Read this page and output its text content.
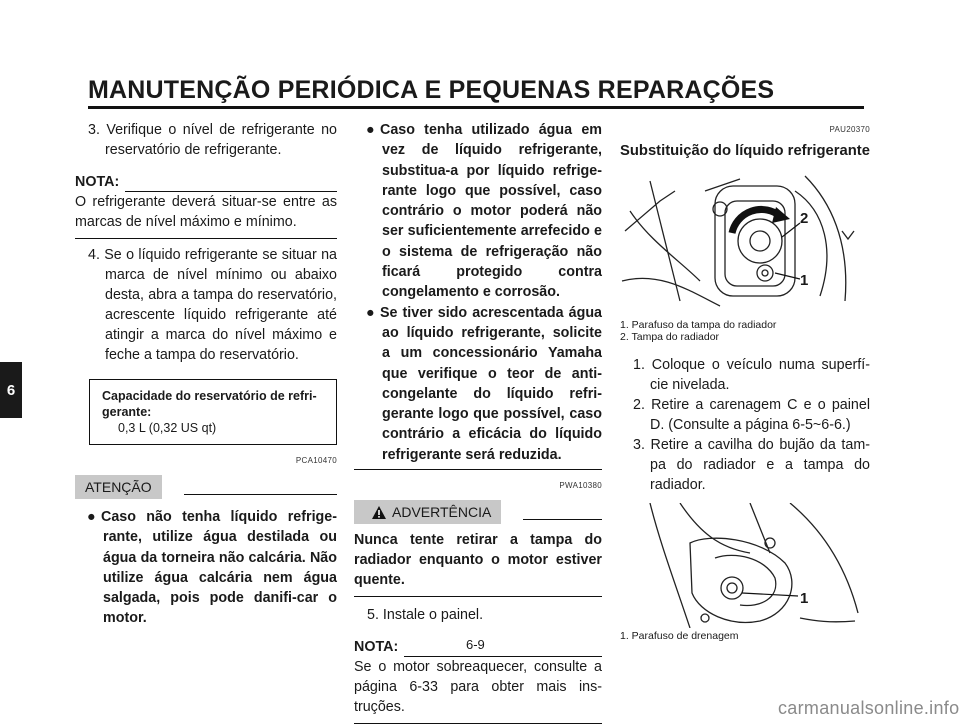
MANUTENÇÃO PERIÓDICA E PEQUENAS REPARAÇÕES
6

3. Verifique o nível de refrigerante no reservatório de refrigerante.

NOTA:

O refrigerante deverá situar-se entre as marcas de nível máximo e mínimo.

4. Se o líquido refrigerante se situar na marca de nível mínimo ou abaixo desta, abra a tampa do reservatório, acrescente líquido refrigerante até atingir a marca do nível máximo e feche a tampa do reservatório.

Capacidade do reservatório de refri-gerante:
0,3 L (0,32 US qt)
PCA10470
ATENÇÃO

● Caso não tenha líquido refrige-rante, utilize água destilada ou água da torneira não calcária. Não utilize água calcária nem água salgada, pois pode danifi-car o motor.

● Caso tenha utilizado água em vez de líquido refrigerante, substitua-a por líquido refrige-rante logo que possível, caso contrário o motor poderá não ser suficientemente arrefecido e o sistema de refrigeração não ficará protegido contra congelamento e corrosão.

● Se tiver sido acrescentada água ao líquido refrigerante, solicite a um concessionário Yamaha que verifique o teor de anti-congelante do líquido refri-gerante logo que possível, caso contrário a eficácia do líquido refrigerante será reduzida.

PWA10380
ADVERTÊNCIA

Nunca tente retirar a tampa do radiador enquanto o motor estiver quente.

5. Instale o painel.

NOTA:

Se o motor sobreaquecer, consulte a página 6-33 para obter mais ins-truções.

PAU20370
Substituição do líquido refrigerante
2
1
1. Parafuso da tampa do radiador
2. Tampa do radiador

1. Coloque o veículo numa superfí-cie nivelada.

2. Retire a carenagem C e o painel D. (Consulte a página 6-5~6-6.)

3. Retire a cavilha do bujão da tam-pa do radiador e a tampa do radiador.

1
1. Parafuso de drenagem
6-9
carmanualsonline.info
